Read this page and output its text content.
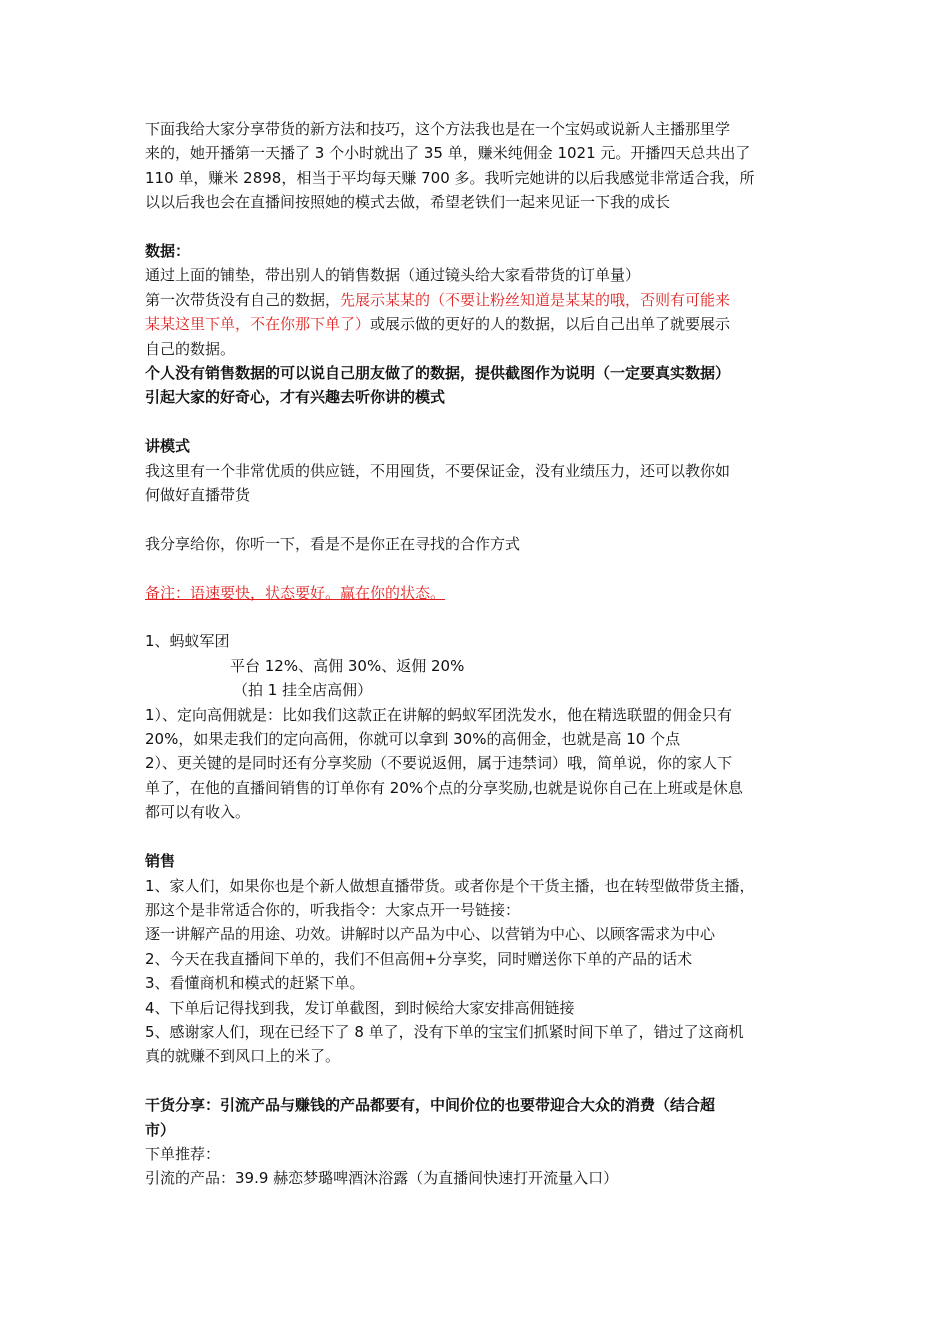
下面我给大家分享带货的新方法和技巧，这个方法我也是在一个宝妈或说新人主播那里学

来的，她开播第一天播了 3 个小时就出了 35 单，赚米纯佣金 1021 元。开播四天总共出了

110 单，赚米 2898，相当于平均每天赚 700 多。我听完她讲的以后我感觉非常适合我，所

以以后我也会在直播间按照她的模式去做，希望老铁们一起来见证一下我的成长

数据：

通过上面的铺垫，带出别人的销售数据（通过镜头给大家看带货的订单量）

第一次带货没有自己的数据，先展示某某的（不要让粉丝知道是某某的哦，否则有可能来

某某这里下单，不在你那下单了）或展示做的更好的人的数据，以后自己出单了就要展示

自己的数据。

个人没有销售数据的可以说自己朋友做了的数据，提供截图作为说明（一定要真实数据）

引起大家的好奇心，才有兴趣去听你讲的模式

讲模式

我这里有一个非常优质的供应链，不用囤货，不要保证金，没有业绩压力，还可以教你如

何做好直播带货

我分享给你，你听一下，看是不是你正在寻找的合作方式

备注：语速要快，状态要好。赢在你的状态。

1、蚂蚁军团

平台 12%、高佣 30%、返佣 20%

（拍 1 挂全店高佣）

1）、定向高佣就是：比如我们这款正在讲解的蚂蚁军团洗发水，他在精选联盟的佣金只有

20%，如果走我们的定向高佣，你就可以拿到 30%的高佣金，也就是高 10 个点

2）、更关键的是同时还有分享奖励（不要说返佣，属于违禁词）哦，简单说，你的家人下

单了，在他的直播间销售的订单你有 20%个点的分享奖励,也就是说你自己在上班或是休息

都可以有收入。

销售

1、家人们，如果你也是个新人做想直播带货。或者你是个干货主播，也在转型做带货主播，

那这个是非常适合你的，听我指令：大家点开一号链接：

逐一讲解产品的用途、功效。讲解时以产品为中心、以营销为中心、以顾客需求为中心

2、今天在我直播间下单的，我们不但高佣+分享奖，同时赠送你下单的产品的话术

3、看懂商机和模式的赶紧下单。

4、下单后记得找到我，发订单截图，到时候给大家安排高佣链接

5、感谢家人们，现在已经下了 8 单了，没有下单的宝宝们抓紧时间下单了，错过了这商机

真的就赚不到风口上的米了。

干货分享：引流产品与赚钱的产品都要有，中间价位的也要带迎合大众的消费（结合超

市）

下单推荐：

引流的产品：39.9 赫恋梦璐啤酒沐浴露（为直播间快速打开流量入口）
